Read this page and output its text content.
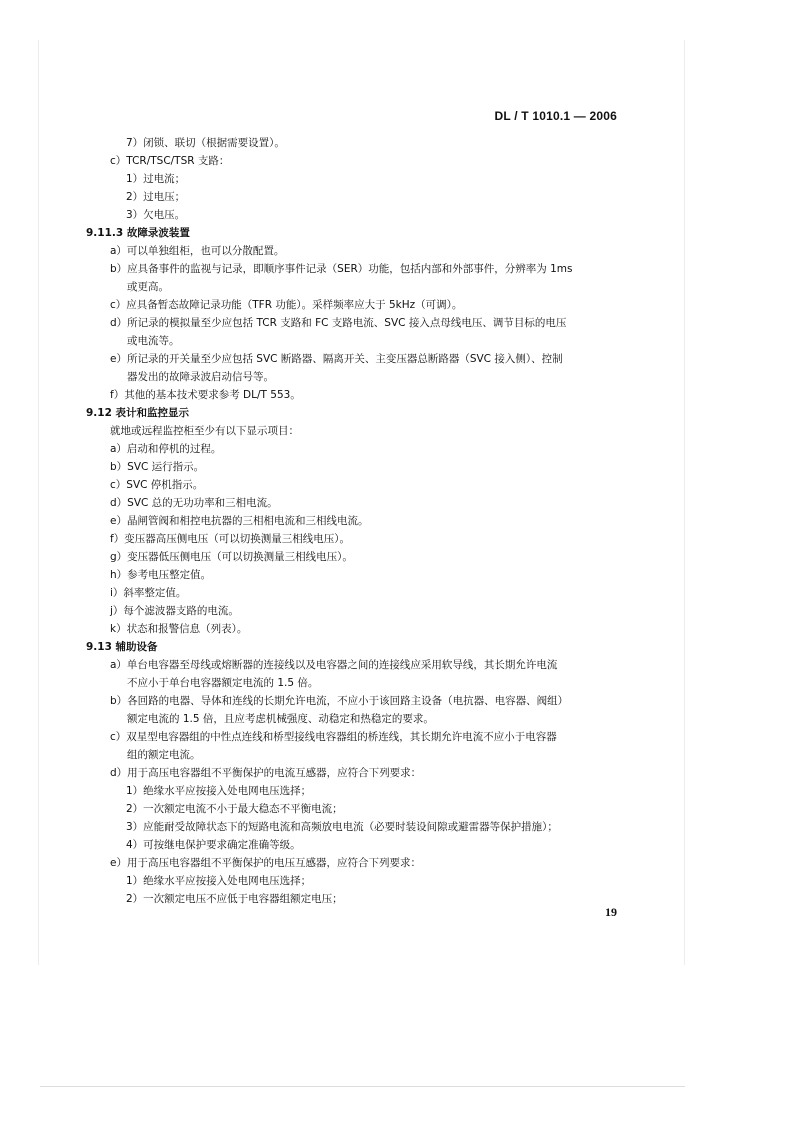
DL / T 1010.1 — 2006
7）闭锁、联切（根据需要设置）。
c）TCR/TSC/TSR 支路：
1）过电流；
2）过电压；
3）欠电压。
9.11.3 故障录波装置
a）可以单独组柜，也可以分散配置。
b）应具备事件的监视与记录，即顺序事件记录（SER）功能，包括内部和外部事件，分辨率为 1ms
或更高。
c）应具备暂态故障记录功能（TFR 功能）。采样频率应大于 5kHz（可调）。
d）所记录的模拟量至少应包括 TCR 支路和 FC 支路电流、SVC 接入点母线电压、调节目标的电压
或电流等。
e）所记录的开关量至少应包括 SVC 断路器、隔离开关、主变压器总断路器（SVC 接入侧）、控制
器发出的故障录波启动信号等。
f）其他的基本技术要求参考 DL/T 553。
9.12 表计和监控显示
就地或远程监控柜至少有以下显示项目：
a）启动和停机的过程。
b）SVC 运行指示。
c）SVC 停机指示。
d）SVC 总的无功功率和三相电流。
e）晶闸管阀和相控电抗器的三相相电流和三相线电流。
f）变压器高压侧电压（可以切换测量三相线电压）。
g）变压器低压侧电压（可以切换测量三相线电压）。
h）参考电压整定值。
i）斜率整定值。
j）每个滤波器支路的电流。
k）状态和报警信息（列表）。
9.13 辅助设备
a）单台电容器至母线或熔断器的连接线以及电容器之间的连接线应采用软导线，其长期允许电流
不应小于单台电容器额定电流的 1.5 倍。
b）各回路的电器、导体和连线的长期允许电流，不应小于该回路主设备（电抗器、电容器、阀组）
额定电流的 1.5 倍，且应考虑机械强度、动稳定和热稳定的要求。
c）双星型电容器组的中性点连线和桥型接线电容器组的桥连线，其长期允许电流不应小于电容器
组的额定电流。
d）用于高压电容器组不平衡保护的电流互感器，应符合下列要求：
1）绝缘水平应按接入处电网电压选择；
2）一次额定电流不小于最大稳态不平衡电流；
3）应能耐受故障状态下的短路电流和高频放电电流（必要时装设间隙或避雷器等保护措施）；
4）可按继电保护要求确定准确等级。
e）用于高压电容器组不平衡保护的电压互感器，应符合下列要求：
1）绝缘水平应按接入处电网电压选择；
2）一次额定电压不应低于电容器组额定电压；
19
